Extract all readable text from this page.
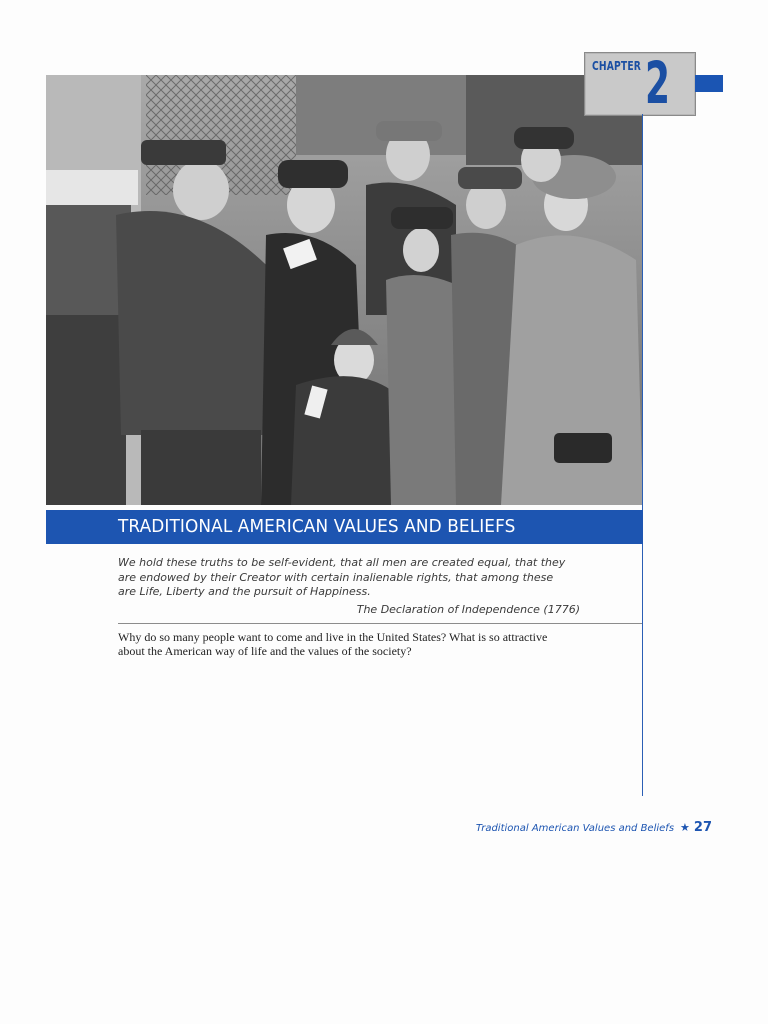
CHAPTER 2
TRADITIONAL AMERICAN VALUES AND BELIEFS
We hold these truths to be self-evident, that all men are created equal, that they are endowed by their Creator with certain inalienable rights, that among these are Life, Liberty and the pursuit of Happiness.
The Declaration of Independence (1776)
Why do so many people want to come and live in the United States? What is so attractive about the American way of life and the values of the society?
Traditional American Values and Beliefs ★ 27
